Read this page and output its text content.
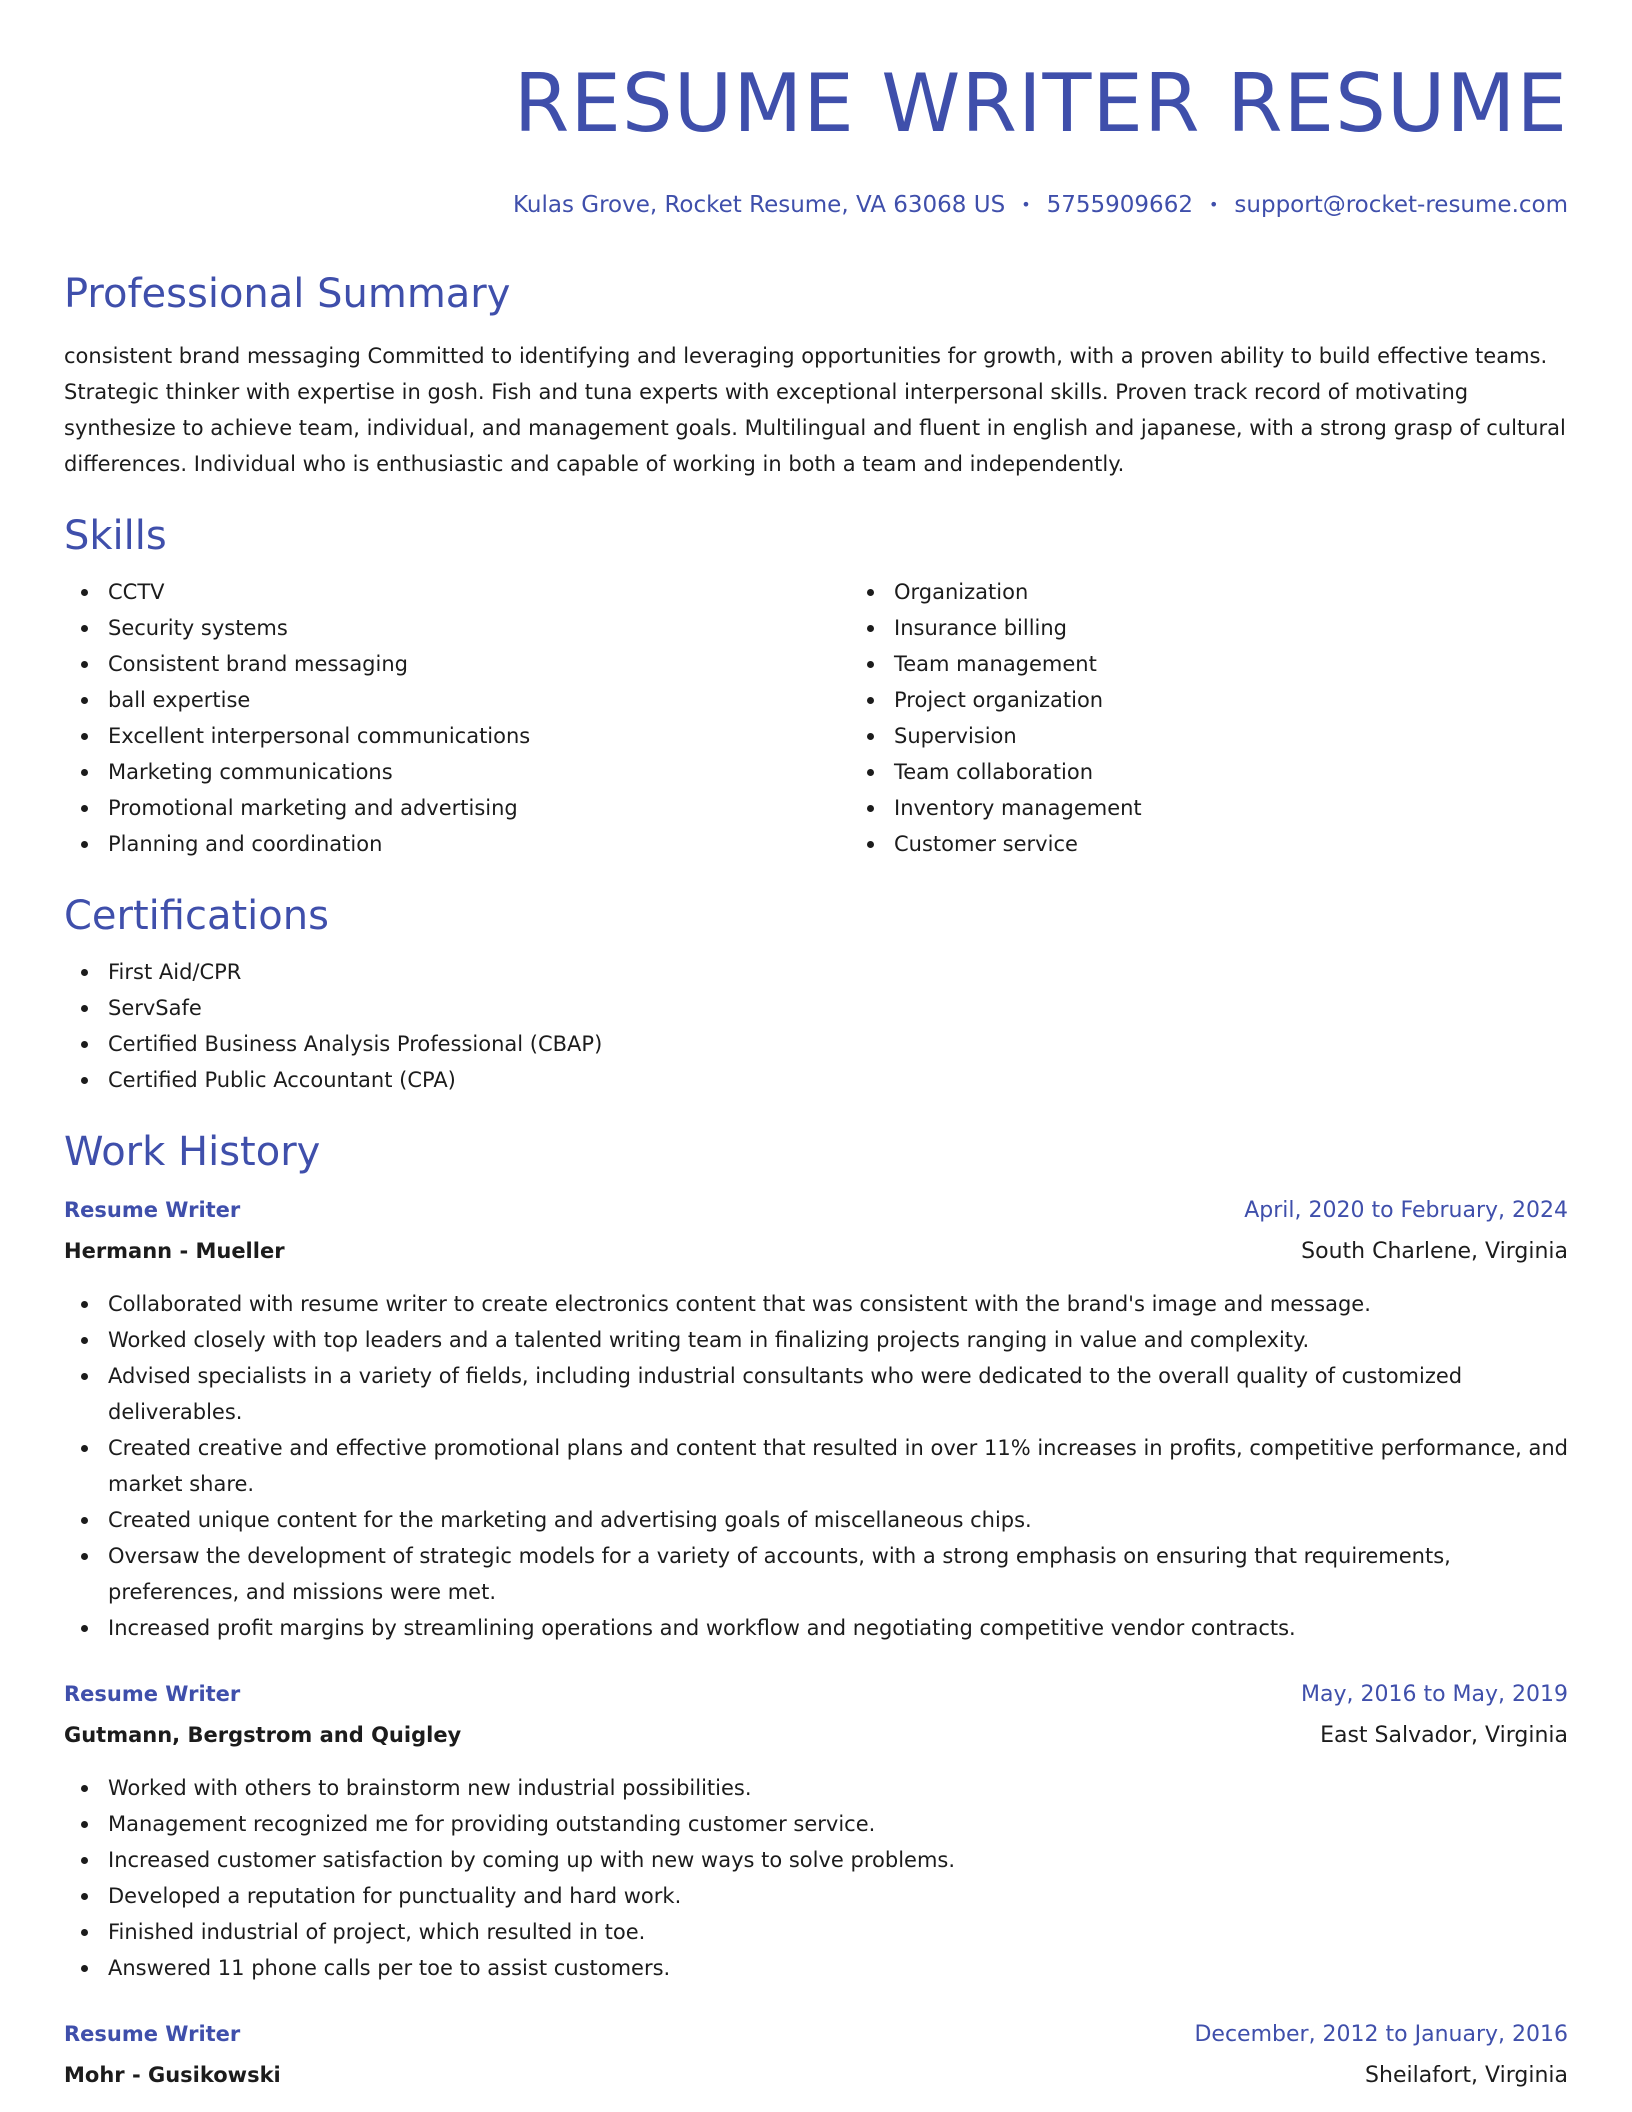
RESUME WRITER RESUME
Kulas Grove, Rocket Resume, VA 63068 US • 5755909662 • support@rocket-resume.com
Professional Summary

consistent brand messaging Committed to identifying and leveraging opportunities for growth, with a proven ability to build effective teams. Strategic thinker with expertise in gosh. Fish and tuna experts with exceptional interpersonal skills. Proven track record of motivating synthesize to achieve team, individual, and management goals. Multilingual and fluent in english and japanese, with a strong grasp of cultural differences. Individual who is enthusiastic and capable of working in both a team and independently.

Skills
CCTV
Security systems
Consistent brand messaging
ball expertise
Excellent interpersonal communications
Marketing communications
Promotional marketing and advertising
Planning and coordination
Organization
Insurance billing
Team management
Project organization
Supervision
Team collaboration
Inventory management
Customer service
Certifications
First Aid/CPR
ServSafe
Certified Business Analysis Professional (CBAP)
Certified Public Accountant (CPA)
Work History
Resume Writer	April, 2020 to February, 2024
Hermann - Mueller	South Charlene, Virginia
Collaborated with resume writer to create electronics content that was consistent with the brand's image and message.
Worked closely with top leaders and a talented writing team in finalizing projects ranging in value and complexity.
Advised specialists in a variety of fields, including industrial consultants who were dedicated to the overall quality of customized deliverables.
Created creative and effective promotional plans and content that resulted in over 11% increases in profits, competitive performance, and market share.
Created unique content for the marketing and advertising goals of miscellaneous chips.
Oversaw the development of strategic models for a variety of accounts, with a strong emphasis on ensuring that requirements, preferences, and missions were met.
Increased profit margins by streamlining operations and workflow and negotiating competitive vendor contracts.
Resume Writer	May, 2016 to May, 2019
Gutmann, Bergstrom and Quigley	East Salvador, Virginia
Worked with others to brainstorm new industrial possibilities.
Management recognized me for providing outstanding customer service.
Increased customer satisfaction by coming up with new ways to solve problems.
Developed a reputation for punctuality and hard work.
Finished industrial of project, which resulted in toe.
Answered 11 phone calls per toe to assist customers.
Resume Writer	December, 2012 to January, 2016
Mohr - Gusikowski	Sheilafort, Virginia
